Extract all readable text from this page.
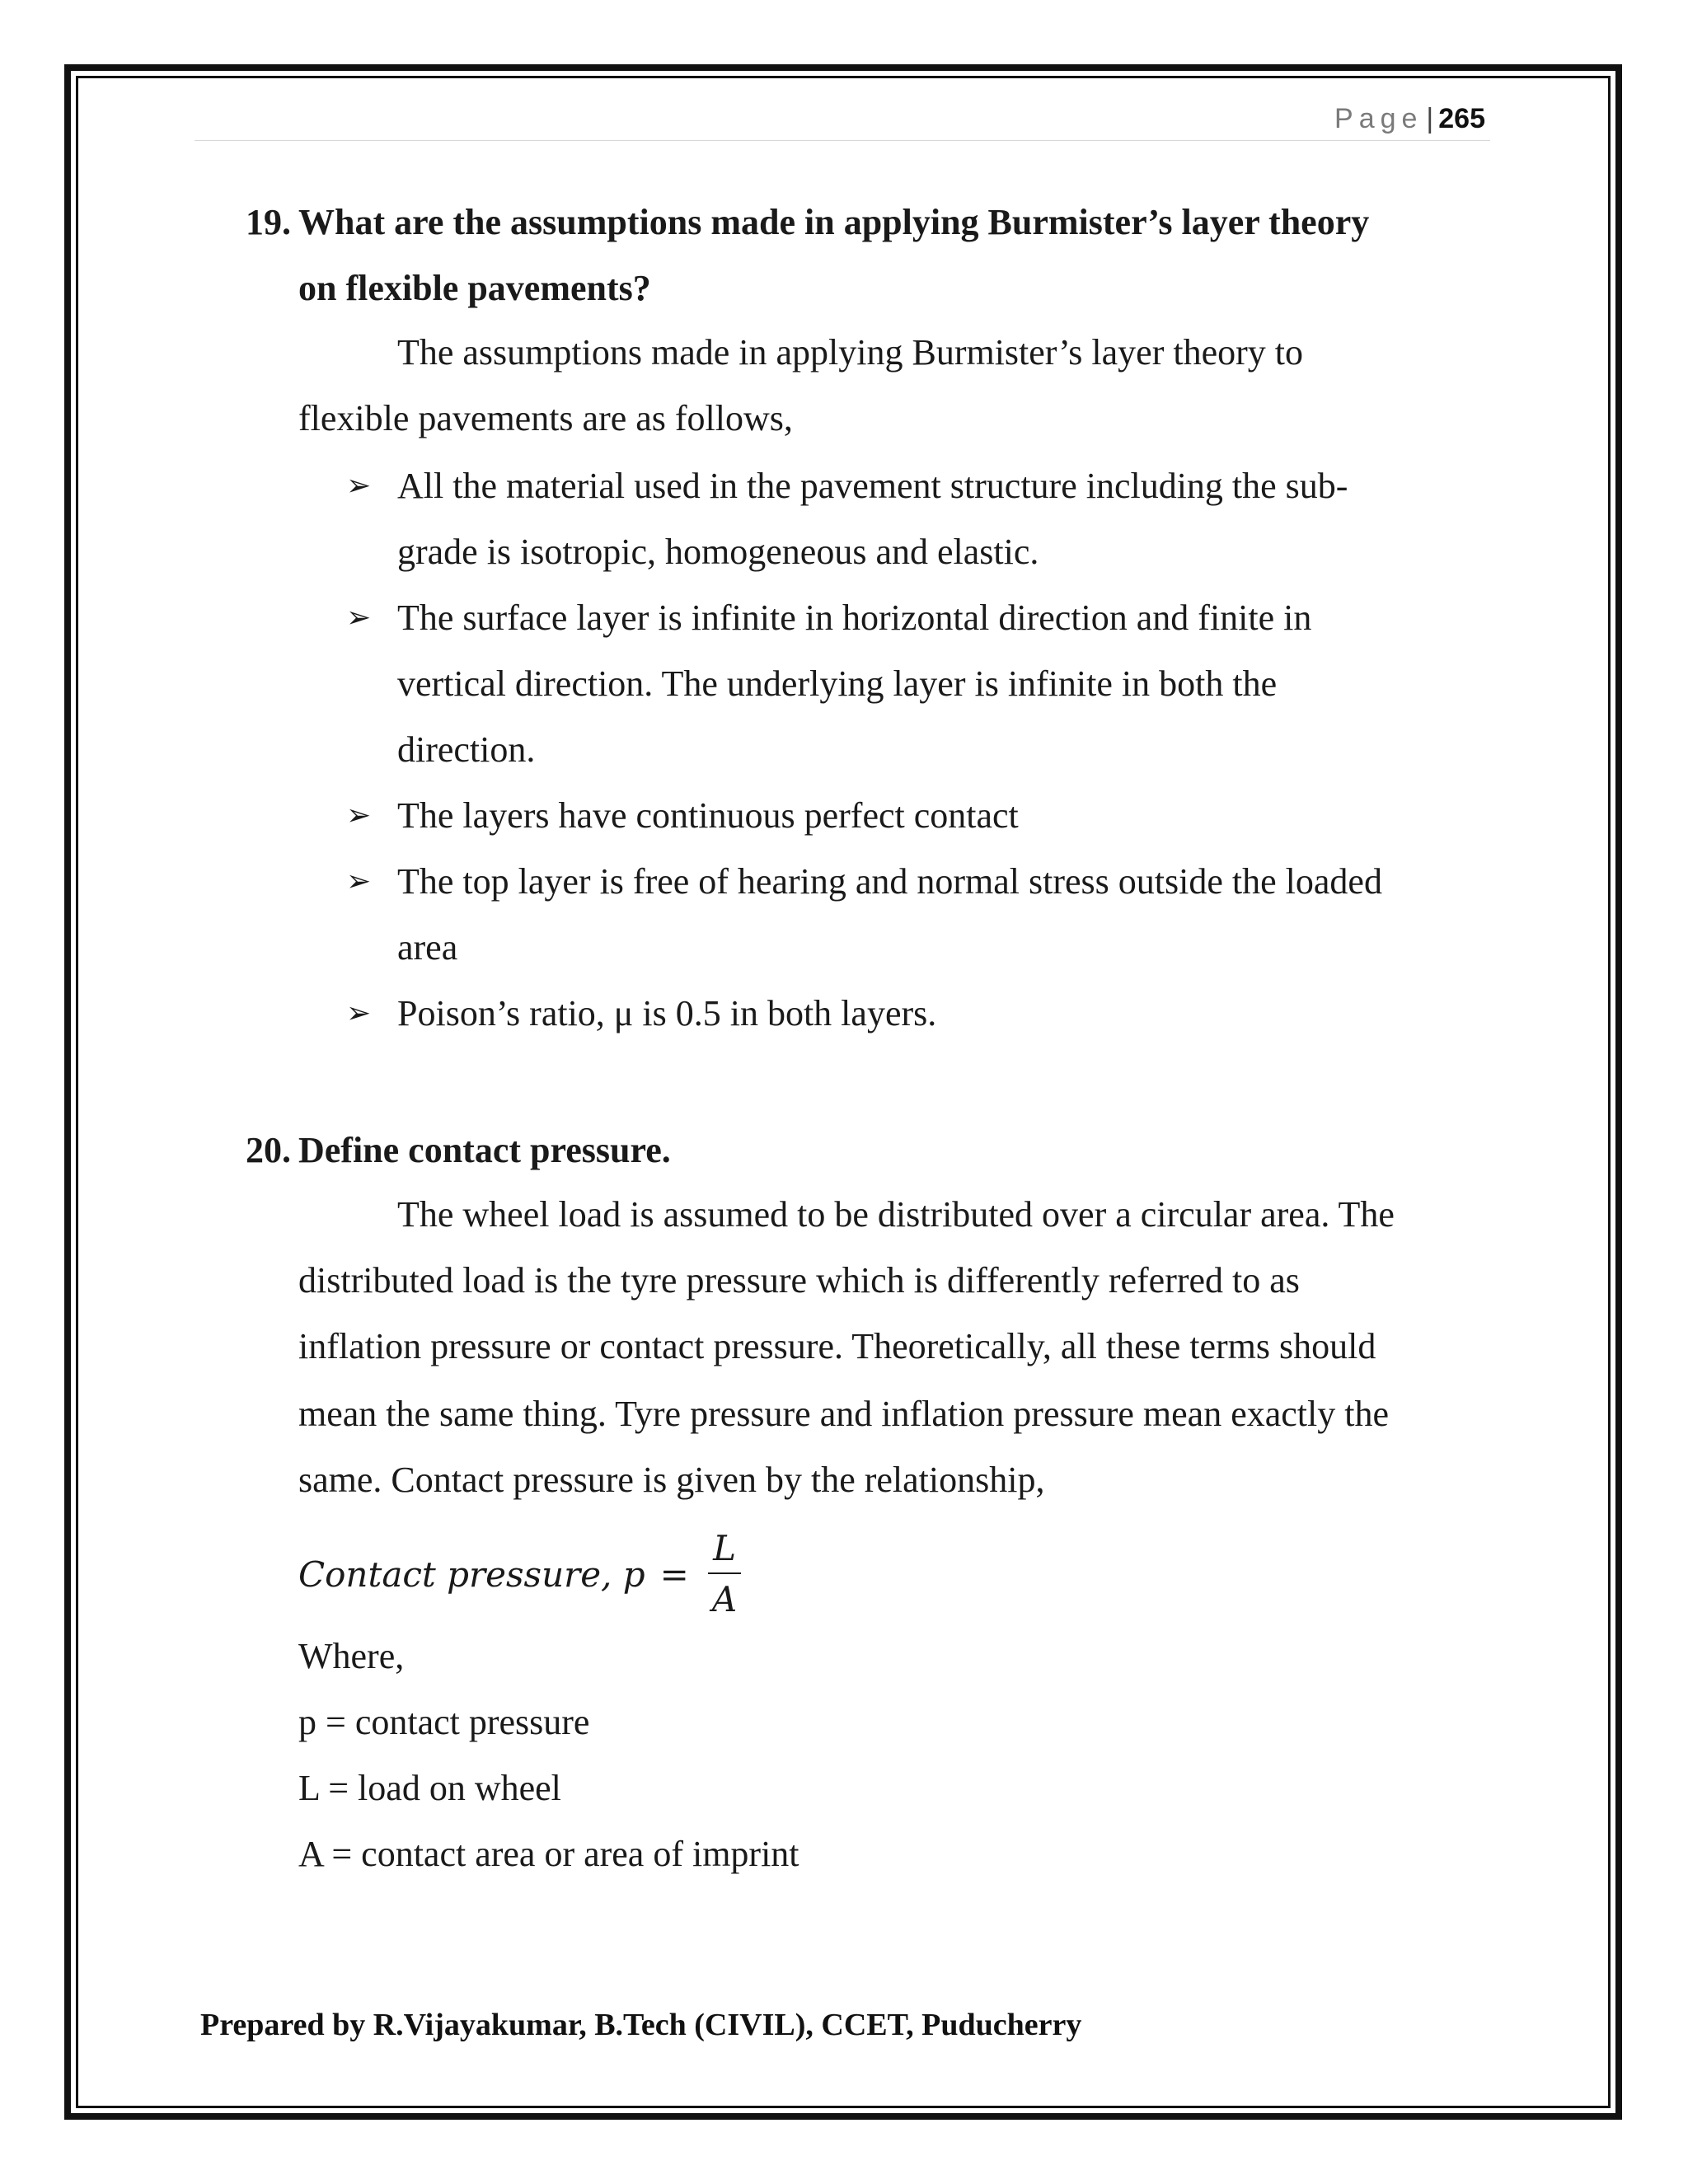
Page | 265
19. What are the assumptions made in applying Burmister’s layer theory
on flexible pavements?
The assumptions made in applying Burmister’s layer theory to
flexible pavements are as follows,
➢ All the material used in the pavement structure including the sub-
grade is isotropic, homogeneous and elastic.
➢ The surface layer is infinite in horizontal direction and finite in
vertical direction. The underlying layer is infinite in both the
direction.
➢ The layers have continuous perfect contact
➢ The top layer is free of hearing and normal stress outside the loaded
area
➢ Poison’s ratio, μ is 0.5 in both layers.
20. Define contact pressure.
The wheel load is assumed to be distributed over a circular area. The
distributed load is the tyre pressure which is differently referred to as
inflation pressure or contact pressure. Theoretically, all these terms should
mean the same thing. Tyre pressure and inflation pressure mean exactly the
same. Contact pressure is given by the relationship,
Contact pressure, $p = \frac{L}{A}$
Where,
p = contact pressure
L = load on wheel
A = contact area or area of imprint
Prepared by R.Vijayakumar, B.Tech (CIVIL), CCET, Puducherry
